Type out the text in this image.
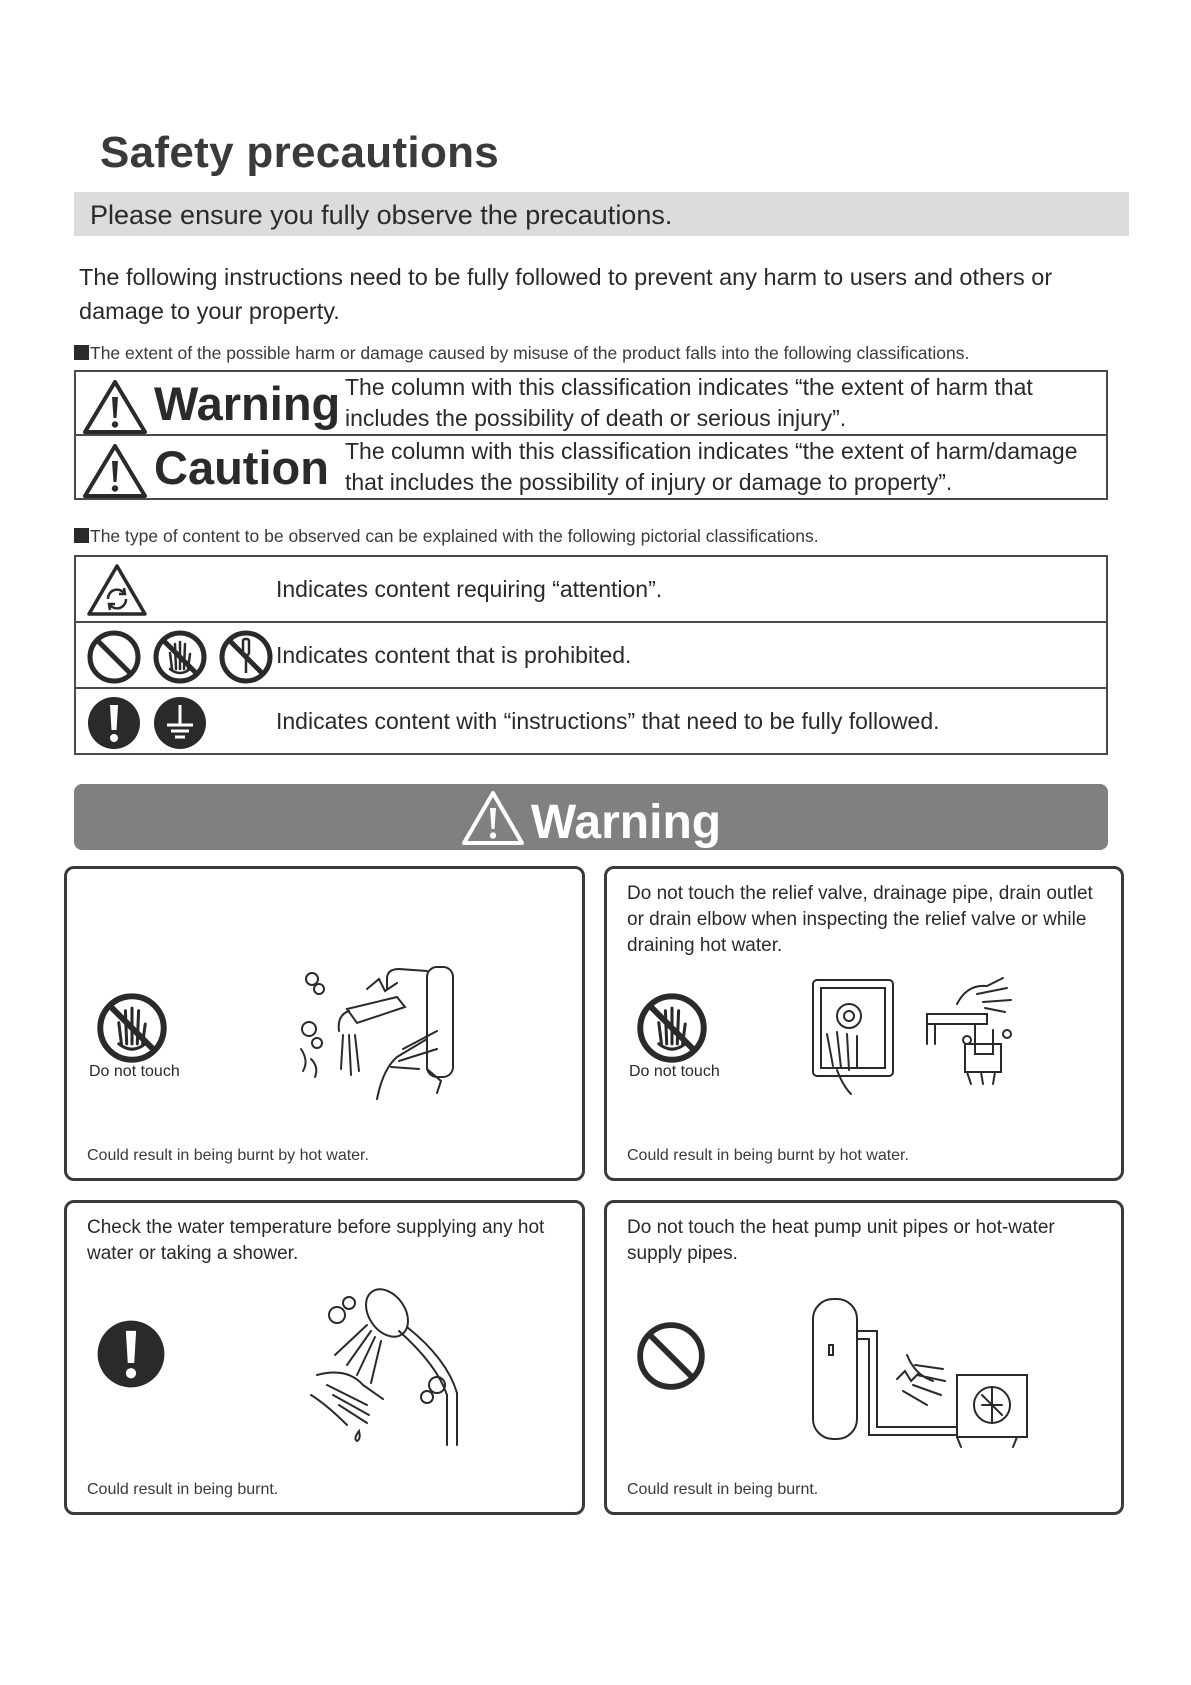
Safety precautions
Please ensure you fully observe the precautions.
The following instructions need to be fully followed to prevent any harm to users and others or damage to your property.
The extent of the possible harm or damage caused by misuse of the product falls into the following classifications.
Warning	The column with this classification indicates “the extent of harm that includes the possibility of death or serious injury”.

Caution	The column with this classification indicates “the extent of harm/damage that includes the possibility of injury or damage to property”.
The type of content to be observed can be explained with the following pictorial classifications.
	Indicates content requiring “attention”.

	Indicates content that is prohibited.

	Indicates content with “instructions” that need to be fully followed.
Warning
Do not touch
Could result in being burnt by hot water.
Do not touch the relief valve, drainage pipe, drain outlet or drain elbow when inspecting the relief valve or while draining hot water.
Do not touch
Could result in being burnt by hot water.
Check the water temperature before supplying any hot water or taking a shower.
Could result in being burnt.
Do not touch the heat pump unit pipes or hot-water supply pipes.
Could result in being burnt.
